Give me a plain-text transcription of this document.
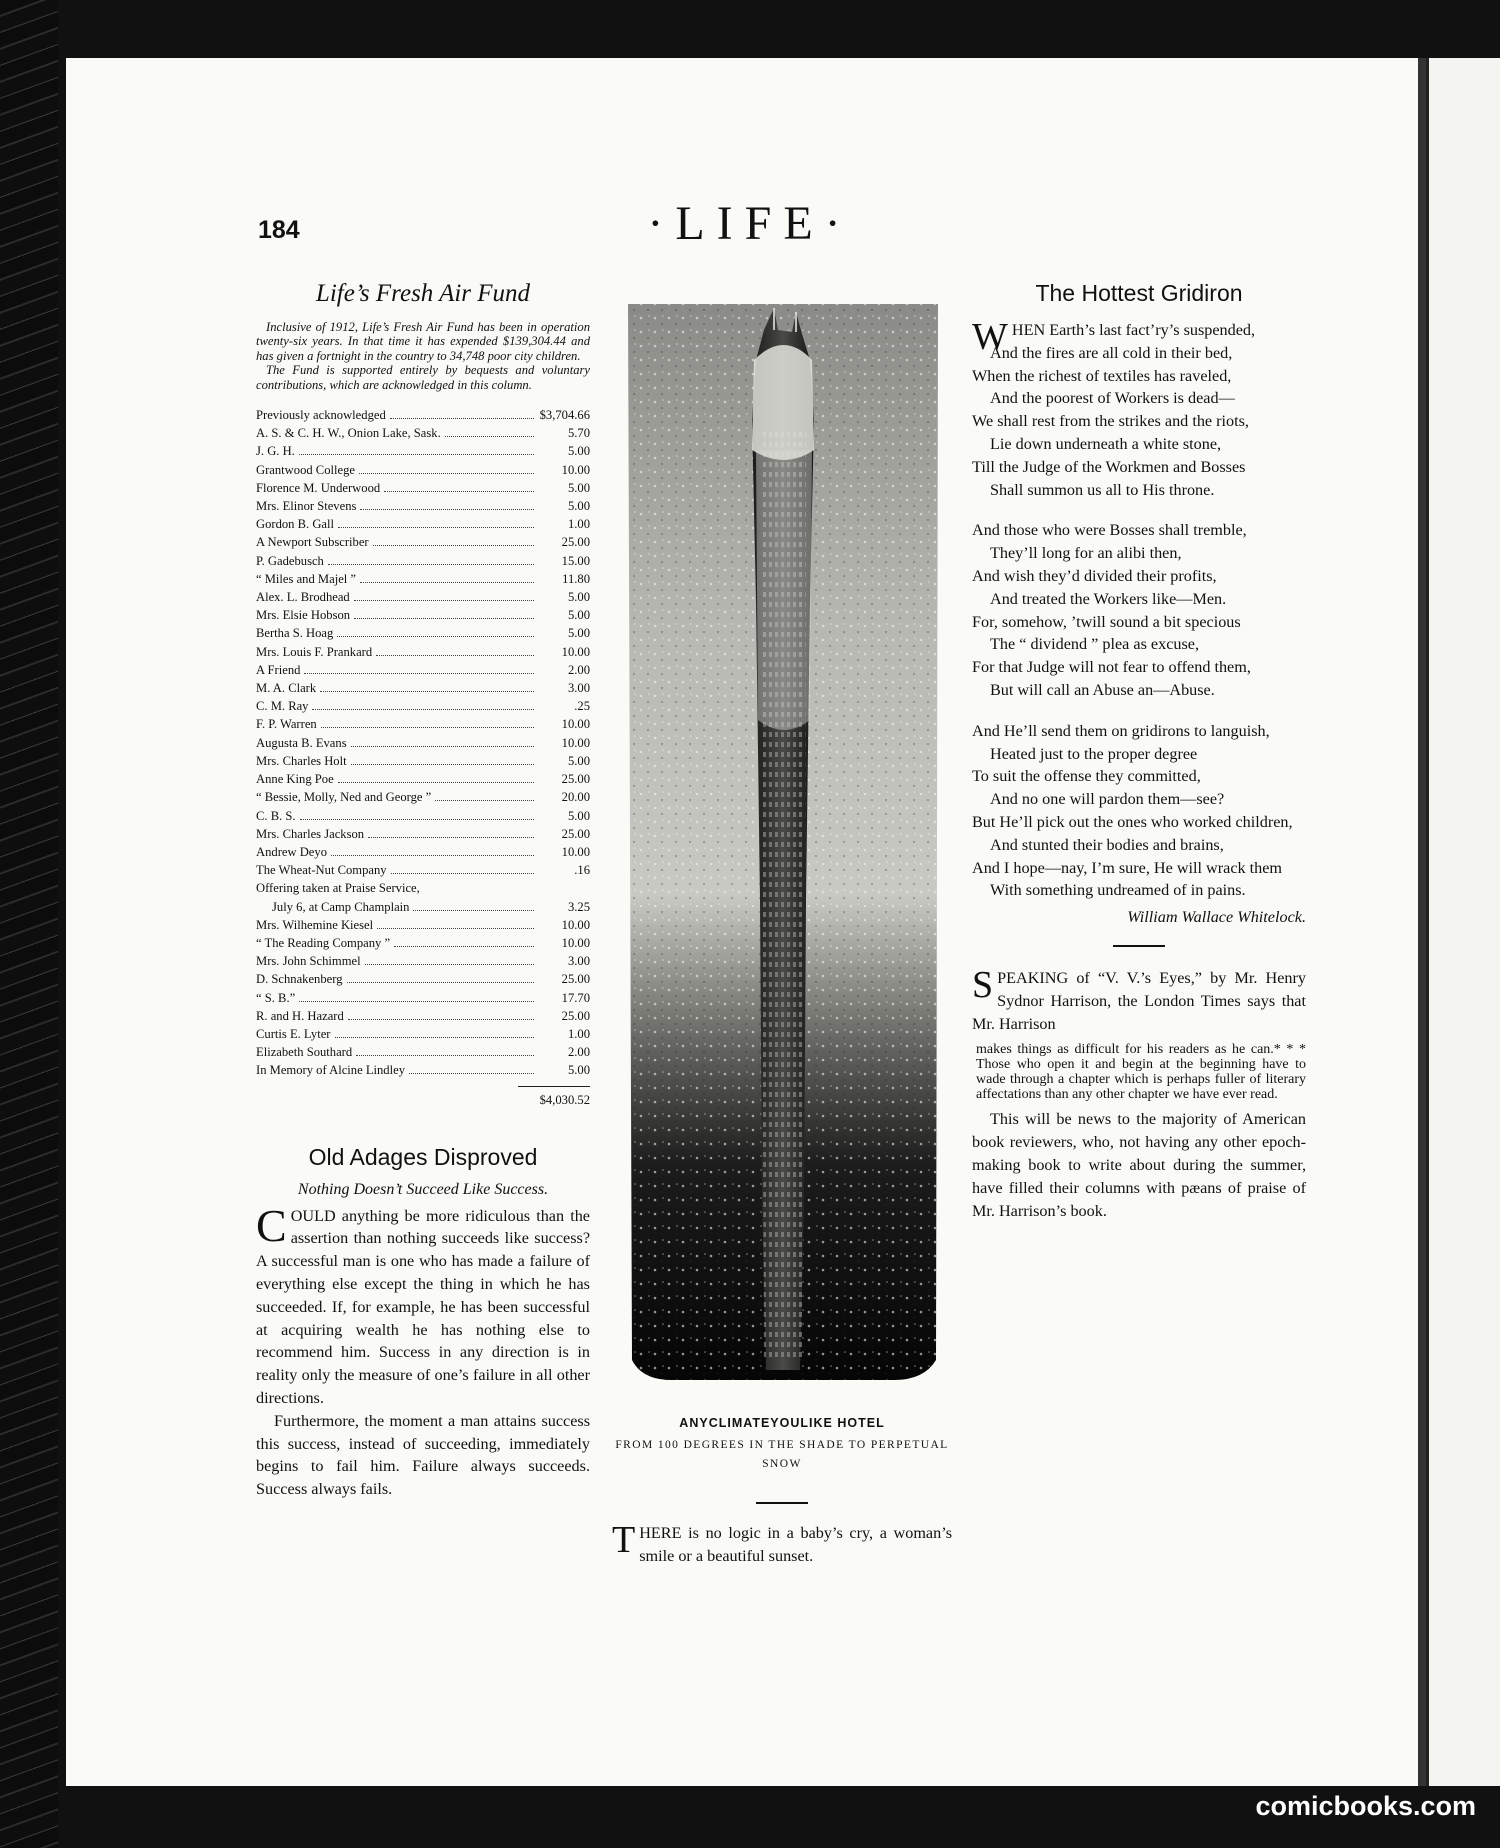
184	·LIFE·
Life’s Fresh Air Fund

Inclusive of 1912, Life’s Fresh Air Fund has been in operation twenty-six years. In that time it has expended $139,304.44 and has given a fortnight in the country to 34,748 poor city children.

The Fund is supported entirely by bequests and voluntary contributions, which are acknowledged in this column.

Previously acknowledged	$3,704.66
A. S. & C. H. W., Onion Lake, Sask.	5.70
J. G. H.	5.00
Grantwood College	10.00
Florence M. Underwood	5.00
Mrs. Elinor Stevens	5.00
Gordon B. Gall	1.00
A Newport Subscriber	25.00
P. Gadebusch	15.00
“ Miles and Majel ”	11.80
Alex. L. Brodhead	5.00
Mrs. Elsie Hobson	5.00
Bertha S. Hoag	5.00
Mrs. Louis F. Prankard	10.00
A Friend	2.00
M. A. Clark	3.00
C. M. Ray	.25
F. P. Warren	10.00
Augusta B. Evans	10.00
Mrs. Charles Holt	5.00
Anne King Poe	25.00
“ Bessie, Molly, Ned and George ”	20.00
C. B. S.	5.00
Mrs. Charles Jackson	25.00
Andrew Deyo	10.00
The Wheat-Nut Company	.16
Offering taken at Praise Service,
July 6, at Camp Champlain	3.25
Mrs. Wilhemine Kiesel	10.00
“ The Reading Company ”	10.00
Mrs. John Schimmel	3.00
D. Schnakenberg	25.00
“ S. B.”	17.70
R. and H. Hazard	25.00
Curtis E. Lyter	1.00
Elizabeth Southard	2.00
In Memory of Alcine Lindley	5.00
$4,030.52
Old Adages Disproved
Nothing Doesn’t Succeed Like Success.

COULD anything be more ridiculous than the assertion than nothing succeeds like success? A successful man is one who has made a failure of everything else except the thing in which he has succeeded. If, for example, he has been successful at acquiring wealth he has nothing else to recommend him. Success in any direction is in reality only the measure of one’s failure in all other directions.

Furthermore, the moment a man attains success this success, instead of succeeding, immediately begins to fail him. Failure always succeeds. Success always fails.

ANYCLIMATEYOULIKE HOTEL
FROM 100 DEGREES IN THE SHADE TO PERPETUAL SNOW

THERE is no logic in a baby’s cry, a woman’s smile or a beautiful sunset.

The Hottest Gridiron

WHEN Earth’s last fact’ry’s suspended,

And the fires are all cold in their bed,

When the richest of textiles has raveled,

And the poorest of Workers is dead—

We shall rest from the strikes and the riots,

Lie down underneath a white stone,

Till the Judge of the Workmen and Bosses

Shall summon us all to His throne.

And those who were Bosses shall tremble,

They’ll long for an alibi then,

And wish they’d divided their profits,

And treated the Workers like—Men.

For, somehow, ’twill sound a bit specious

The “ dividend ” plea as excuse,

For that Judge will not fear to offend them,

But will call an Abuse an—Abuse.

And He’ll send them on gridirons to languish,

Heated just to the proper degree

To suit the offense they committed,

And no one will pardon them—see?

But He’ll pick out the ones who worked children,

And stunted their bodies and brains,

And I hope—nay, I’m sure, He will wrack them

With something undreamed of in pains.

William Wallace Whitelock.

SPEAKING of “V. V.’s Eyes,” by Mr. Henry Sydnor Harrison, the London Times says that Mr. Harrison

makes things as difficult for his readers as he can.* * * Those who open it and begin at the beginning have to wade through a chapter which is perhaps fuller of literary affectations than any other chapter we have ever read.

This will be news to the majority of American book reviewers, who, not having any other epoch-making book to write about during the summer, have filled their columns with pæans of praise of Mr. Harrison’s book.

comicbooks.com
